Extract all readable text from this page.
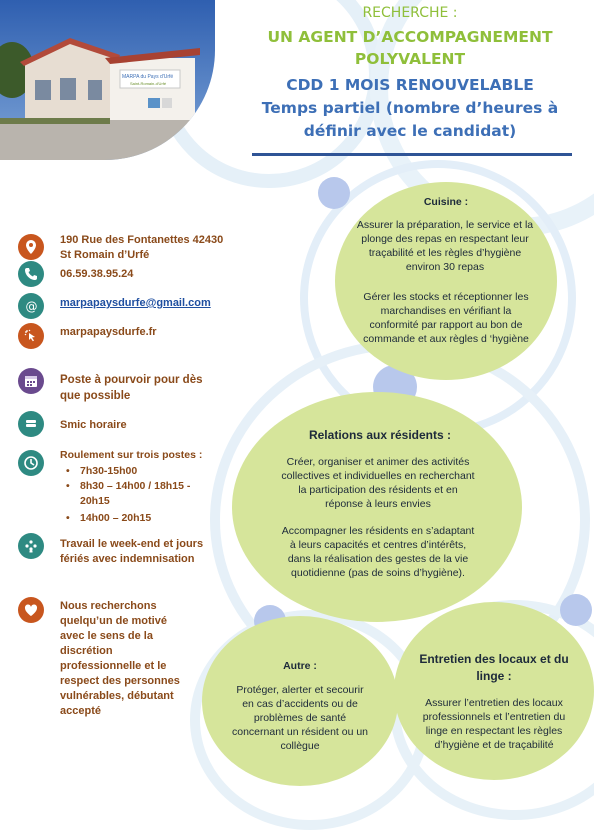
MARPA du Pays d'Urfé
Saint-Romain-d'Urfé
RECHERCHE :
UN AGENT D’ACCOMPAGNEMENT
POLYVALENT
CDD 1 MOIS RENOUVELABLE
Temps partiel (nombre d’heures à
définir avec le candidat)
190 Rue des Fontanettes 42430
St Romain d’Urfé
06.59.38.95.24
@ marpapaysdurfe@gmail.com
marpapaysdurfe.fr
Poste à pourvoir pour dès que possible
Smic horaire
Roulement sur trois postes :
• 7h30-15h00
• 8h30 – 14h00 / 18h15 - 20h15
• 14h00 – 20h15
Travail le week-end et jours fériés avec indemnisation
Nous recherchons quelqu’un de motivé avec le sens de la discrétion professionnelle et le respect des personnes vulnérables, débutant accepté
Cuisine :
Assurer la préparation, le service et la plonge des repas en respectant leur traçabilité et les règles d’hygiène environ 30 repas
Gérer les stocks et réceptionner les marchandises en vérifiant la conformité par rapport au bon de commande et aux règles d ‘hygiène
Relations aux résidents :
Créer, organiser et animer des activités collectives et individuelles en recherchant la participation des résidents et en réponse à leurs envies
Accompagner les résidents en s’adaptant à leurs capacités et centres d’intérêts, dans la réalisation des gestes de la vie quotidienne (pas de soins d’hygiène).
Autre :
Protéger, alerter et secourir en cas d’accidents ou de problèmes de santé concernant un résident ou un collègue
Entretien des locaux et du linge :
Assurer l’entretien des locaux professionnels et l’entretien du linge en respectant les règles d’hygiène et de traçabilité
